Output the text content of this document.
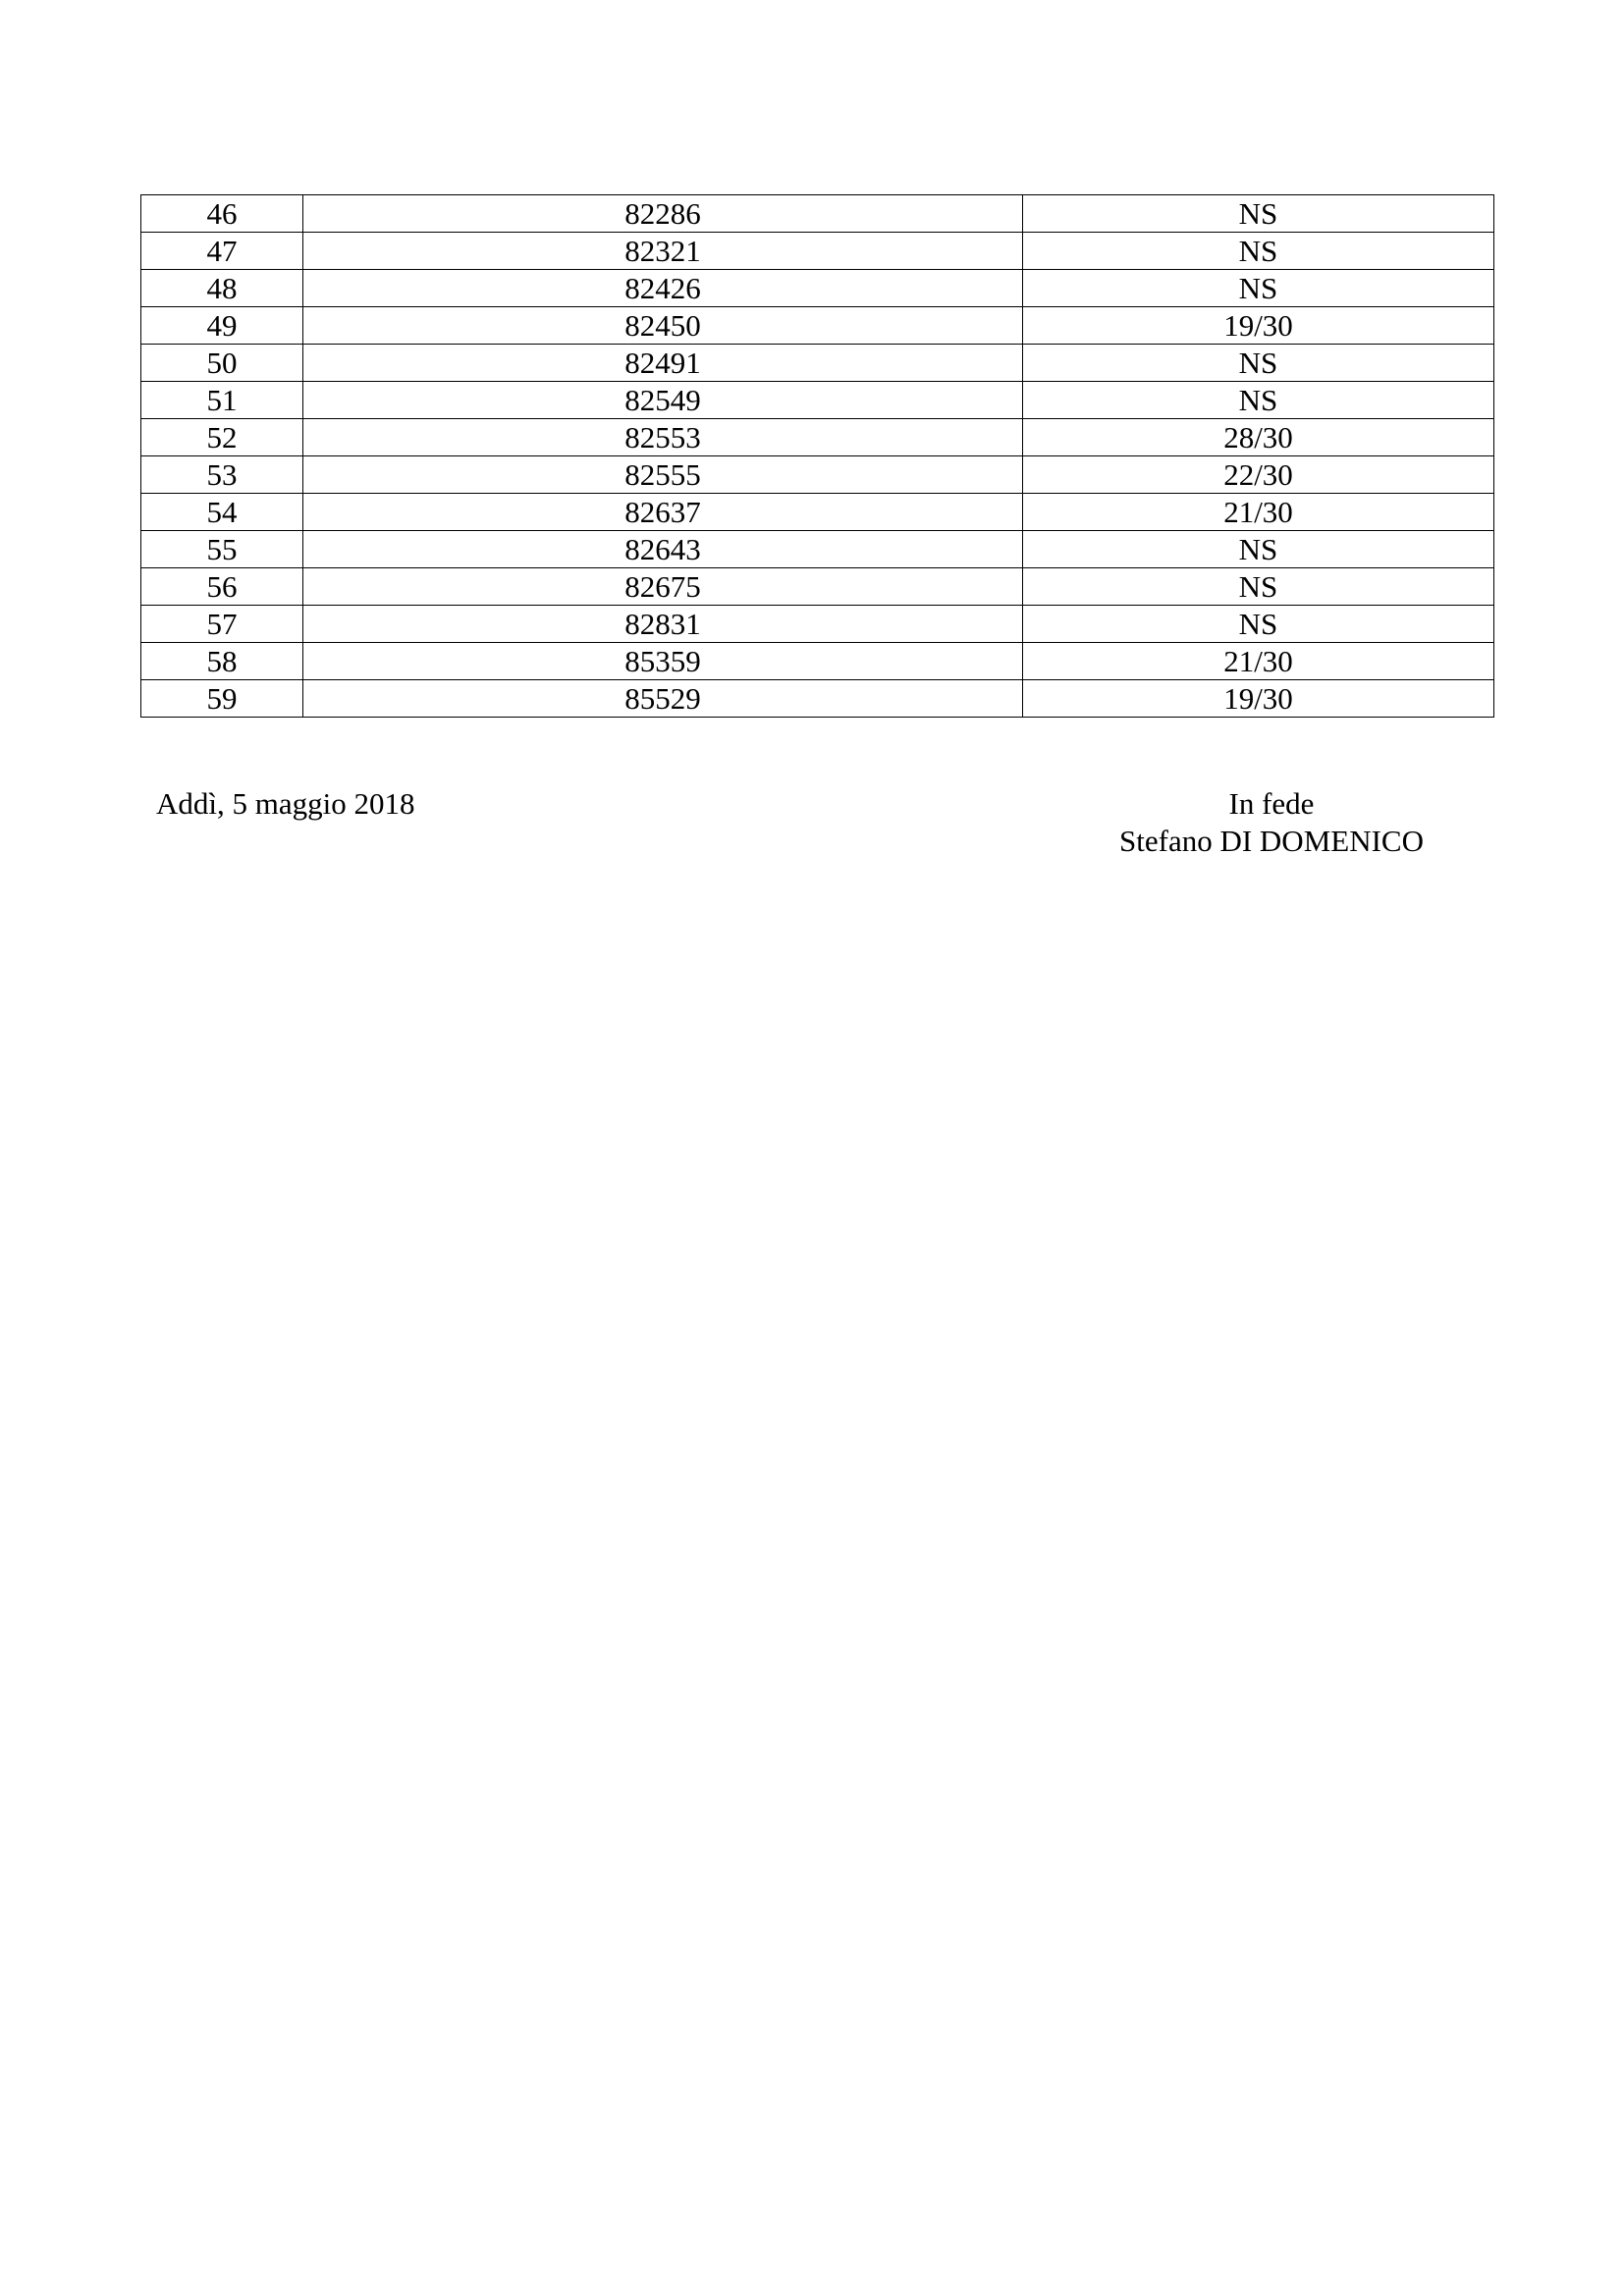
46	82286	NS
47	82321	NS
48	82426	NS
49	82450	19/30
50	82491	NS
51	82549	NS
52	82553	28/30
53	82555	22/30
54	82637	21/30
55	82643	NS
56	82675	NS
57	82831	NS
58	85359	21/30
59	85529	19/30
Addì, 5 maggio 2018	In fede
Stefano DI DOMENICO
